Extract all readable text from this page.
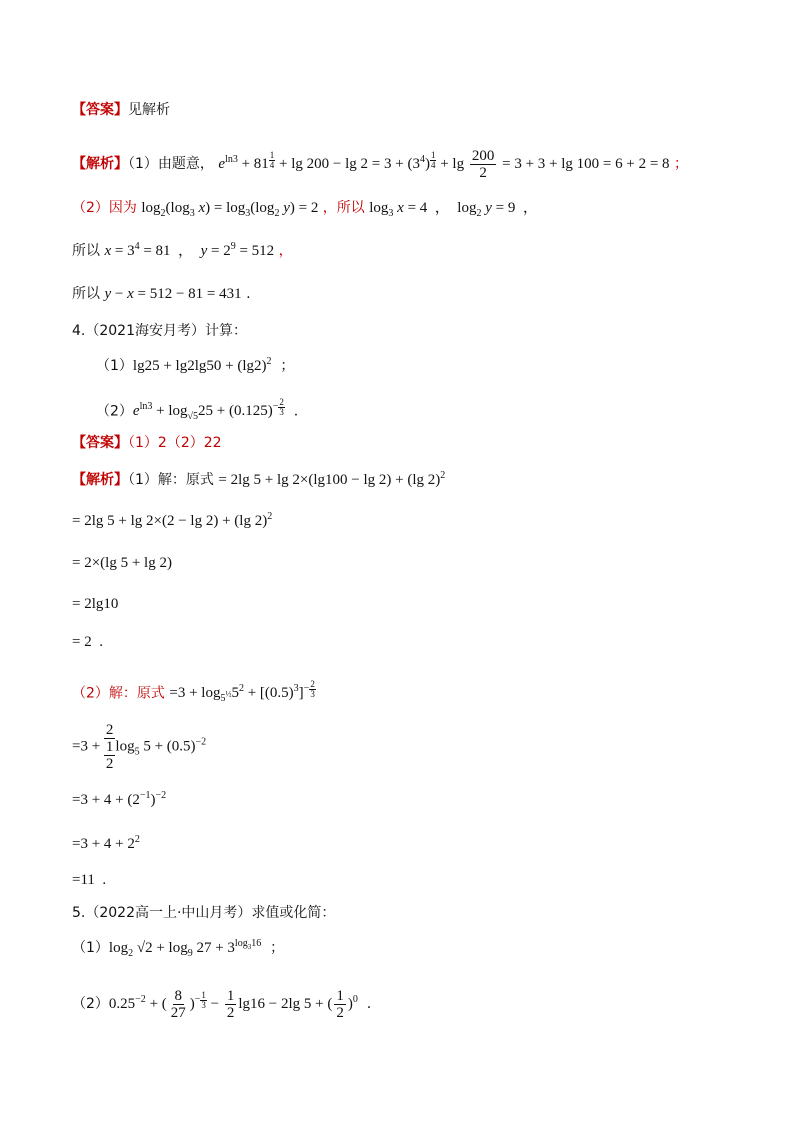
【答案】见解析
【解析】（1）由题意， $e^{ln3} + 81$ $^{\frac{1}{4}} + \lg 200 - \lg 2 = 3 + (3^4) ^{\frac{1}{4}} + \lg \frac{200}{2} = 3 + 3 + \lg 100 = 6 + 2 = 8$ ；
（2）因为 $\log_2(\log_3$ $x) = \log_3(\log_2$ y) = 2 ，所以 $\log_3 x = 4$  ，  $\log_2 y = 9$  ，
所以 $x = 3^4 = 81$  ，  $y = 2^9 = 512$ ，
所以 y − x = 512 − 81 = 431 .
4.（2021海安月考）计算：
$(1)\lg 25 + \lg 2\lg 50 + (\lg 2)^2$  ；
$(2)e^{ln3} + \log_{√5}25 + (0.125)^{- \frac{2}{3}}$ .
【答案】（1）2（2）22
【解析】（1）解：原式 = 2lg 5 + lg 2×(lg100 − lg 2) + (lg 2)$^2$
= 2lg 5 + lg 2×(2 − lg 2) + (lg 2)$^2$
= 2×(lg 5 + lg 2)
= 2lg10
= 2  .
（2）解：原式 $=3 + \log_{5^{\frac{1}{2}}}5^2 + [(0.5)^3]^{- \frac{2}{3}}$
=3 + 2
1
2 $\log_5 5 + (0.5)^{-2}$
$=3 + 4 + (2^{-1})^{-2}$
$=3 + 4 + 2^2$
=11  .
5.（2022高一上·中山月考）求值或化简：
$(1)\log_2$ $√2 + \log_9 27 + 3^{log_316}$  ；
$(2)0.25^{-2}$ + ( $\frac{8}{27} )^{- \frac{1}{3}} - \frac{1}{2} \lg 16 - 2\lg$ 5 + ( $\frac{1}{2} )^0$  .
